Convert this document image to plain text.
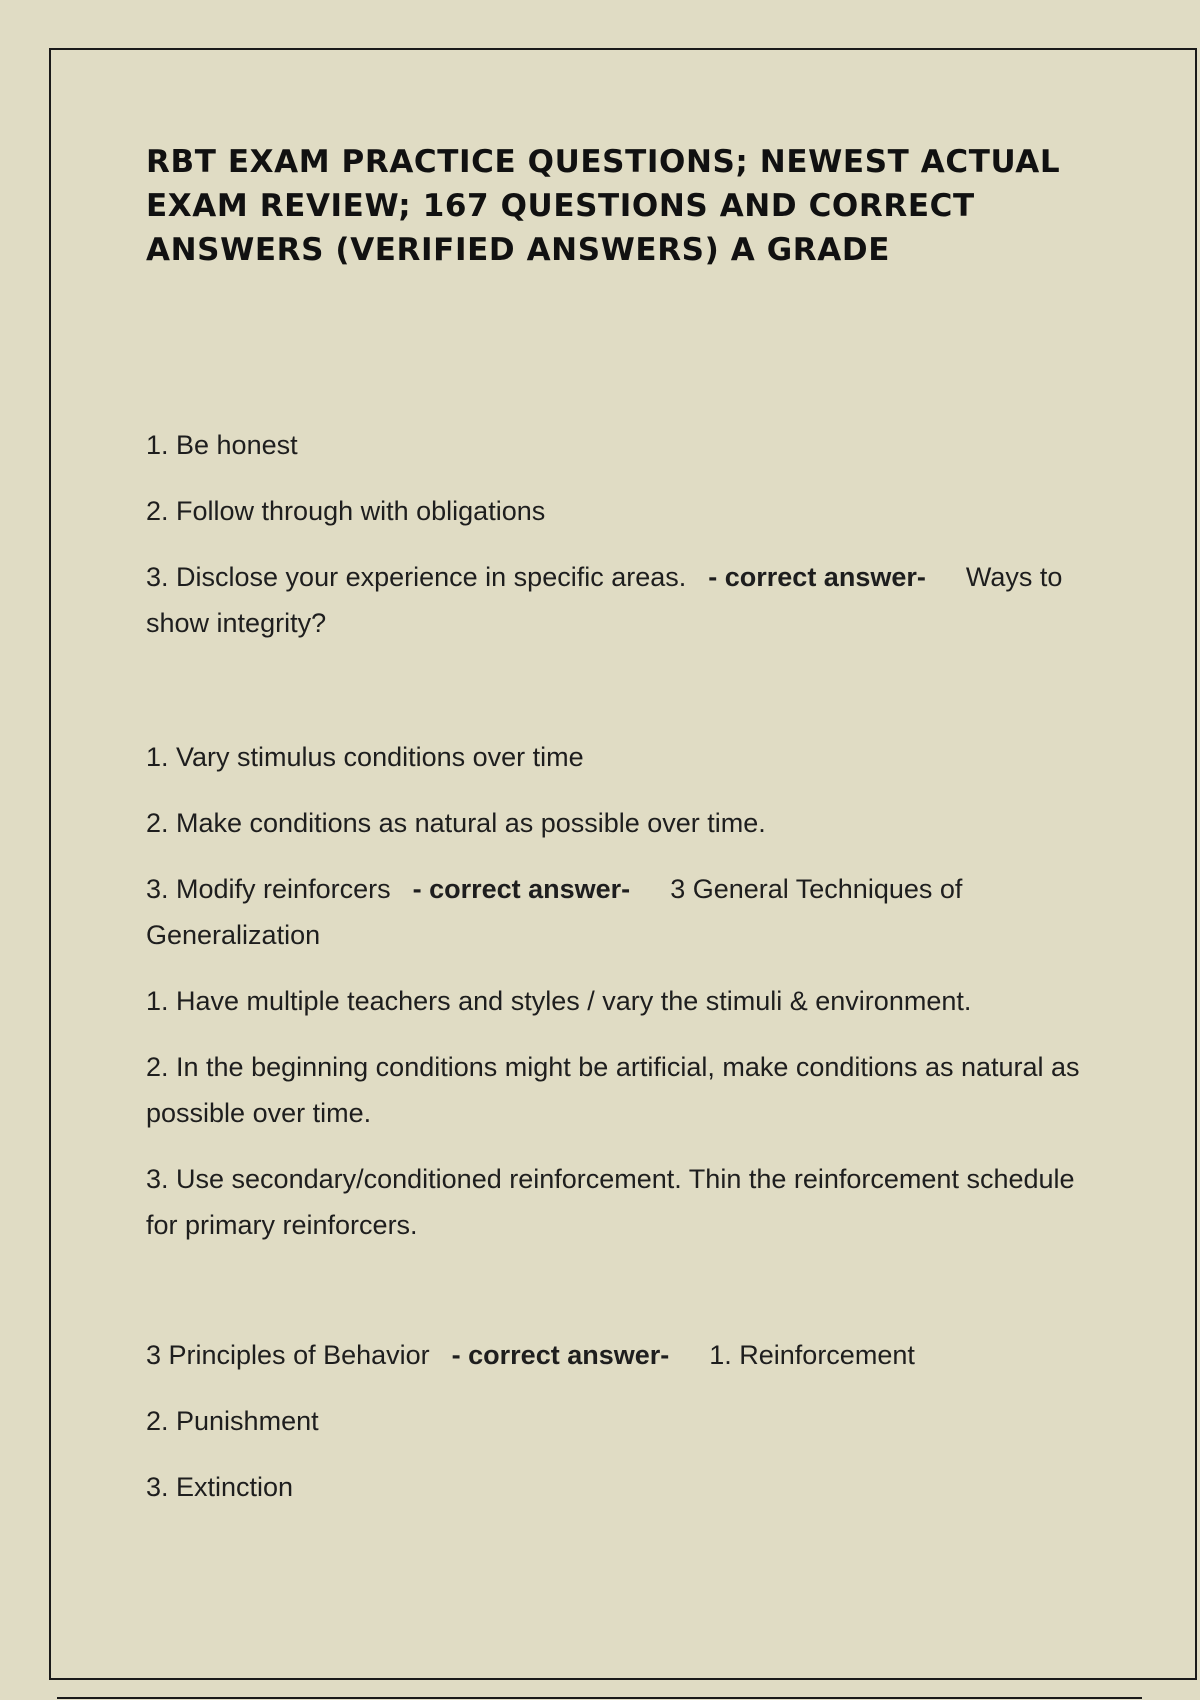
RBT EXAM PRACTICE QUESTIONS; NEWEST ACTUAL EXAM REVIEW; 167 QUESTIONS AND CORRECT ANSWERS (VERIFIED ANSWERS) A GRADE

1. Be honest

2. Follow through with obligations

3. Disclose your experience in specific areas. - correct answer- Ways to show integrity?

1. Vary stimulus conditions over time

2. Make conditions as natural as possible over time.

3. Modify reinforcers - correct answer- 3 General Techniques of Generalization

1. Have multiple teachers and styles / vary the stimuli & environment.

2. In the beginning conditions might be artificial, make conditions as natural as possible over time.

3. Use secondary/conditioned reinforcement. Thin the reinforcement schedule for primary reinforcers.

3 Principles of Behavior - correct answer- 1. Reinforcement

2. Punishment

3. Extinction
